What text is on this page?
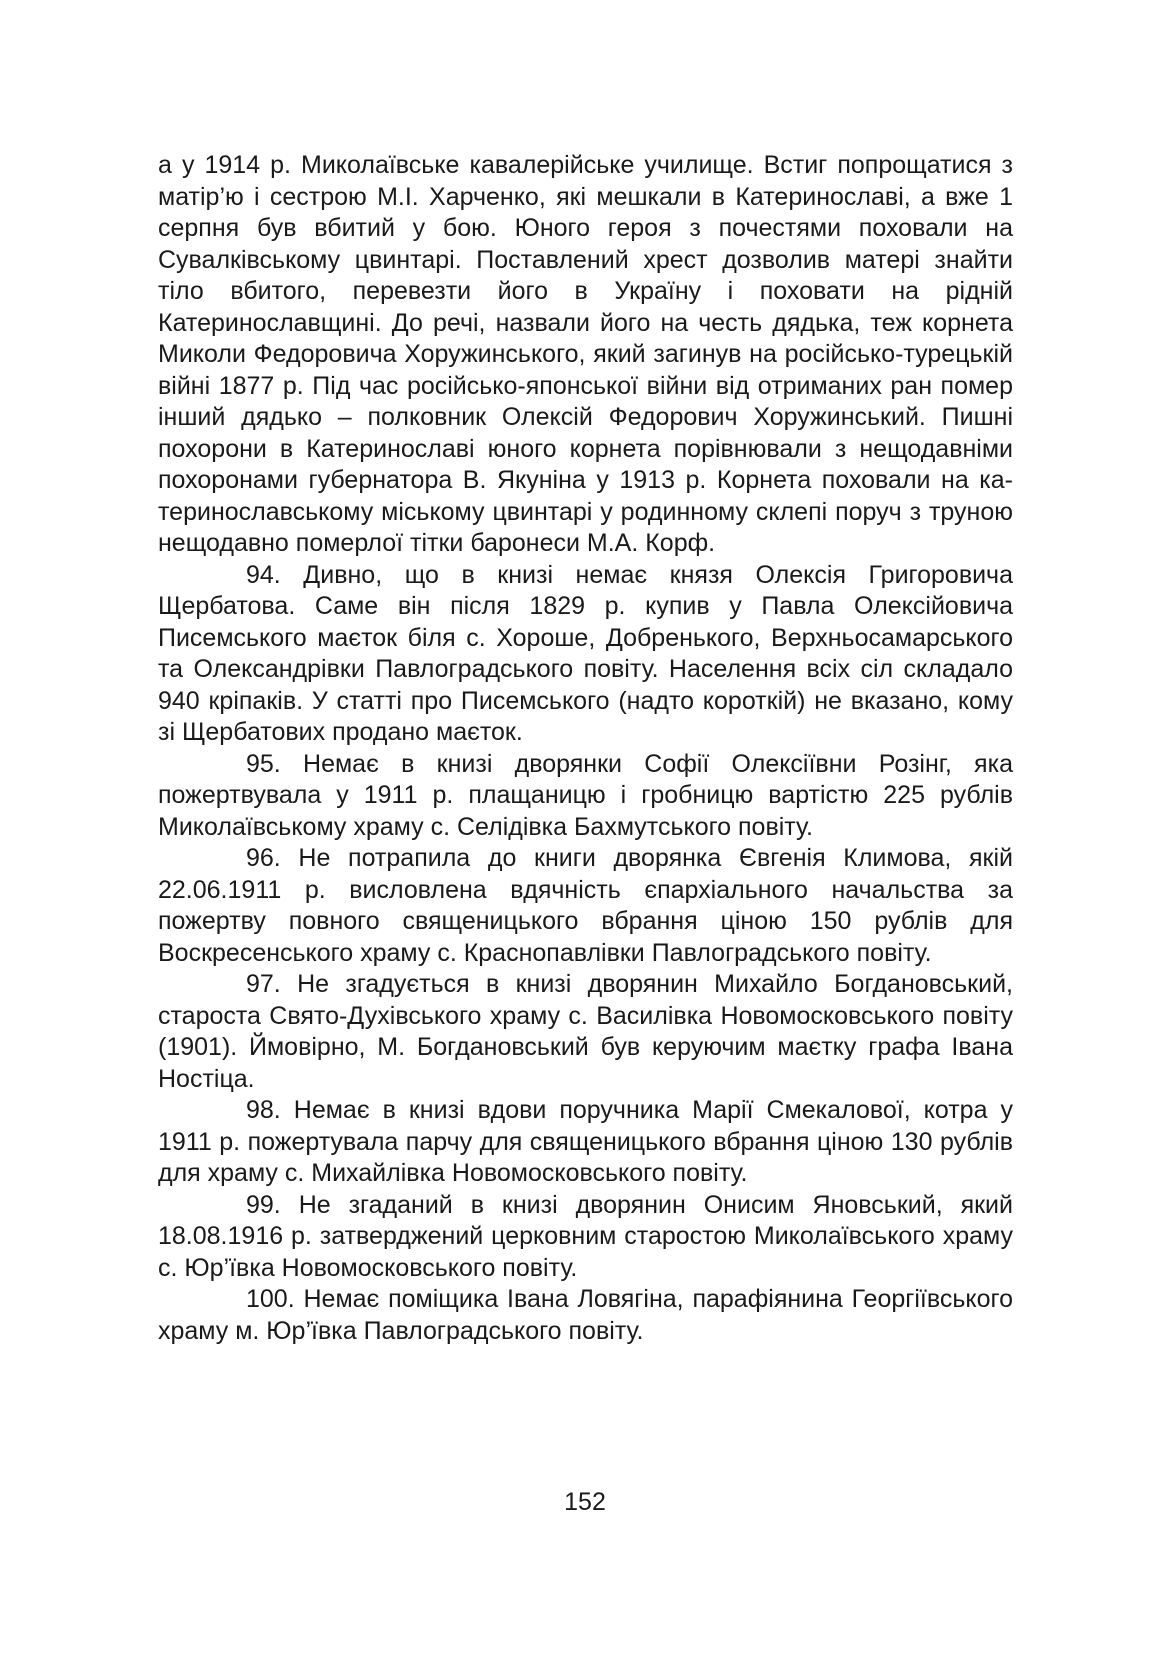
а у 1914 р. Миколаївське кавалерійське училище. Встиг попрощатися з матір’ю і сестрою М.І. Харченко, які мешкали в Катеринославі, а вже 1 серпня був вбитий у бою. Юного героя з почестями поховали на Сувалківському цвинтарі. Поставлений хрест дозволив матері знайти тіло вбитого, перевезти його в Україну і поховати на рідній Катеринославщині. До речі, назвали його на честь дядька, теж корнета Миколи Федоровича Хоружинського, який загинув на російсько-турецькій війні 1877 р. Під час російсько-японської війни від отриманих ран помер інший дядько – полковник Олексій Федорович Хоружинський. Пишні похорони в Катеринославі юного корнета порівнювали з нещодавніми похоронами губернатора В. Якуніна у 1913 р. Корнета поховали на катеринославському міському цвинтарі у родинному склепі поруч з труною нещодавно померлої тітки баронеси М.А. Корф.

94. Дивно, що в книзі немає князя Олексія Григоровича Щербатова. Саме він після 1829 р. купив у Павла Олексійовича Писемського маєток біля с. Хороше, Добренького, Верхньосамарського та Олександрівки Павлоградського повіту. Населення всіх сіл складало 940 кріпаків. У статті про Писемського (надто короткій) не вказано, кому зі Щербатових продано маєток.

95. Немає в книзі дворянки Софії Олексіївни Розінг, яка пожертвувала у 1911 р. плащаницю і гробницю вартістю 225 рублів Миколаївському храму с. Селідівка Бахмутського повіту.

96. Не потрапила до книги дворянка Євгенія Климова, якій 22.06.1911 р. висловлена вдячність єпархіального начальства за пожертву повного священицького вбрання ціною 150 рублів для Воскресенського храму с. Краснопавлівки Павлоградського повіту.

97. Не згадується в книзі дворянин Михайло Богдановський, староста Свято-Духівського храму с. Василівка Новомосковського повіту (1901). Ймовірно, М. Богдановський був керуючим маєтку графа Івана Ностіца.

98. Немає в книзі вдови поручника Марії Смекалової, котра у 1911 р. пожертувала парчу для священицького вбрання ціною 130 рублів для храму с. Михайлівка Новомосковського повіту.

99. Не згаданий в книзі дворянин Онисим Яновський, який 18.08.1916 р. затверджений церковним старостою Миколаївського храму с. Юр’ївка Новомосковського повіту.

100. Немає поміщика Івана Ловягіна, парафіянина Георгіївського храму м. Юр’ївка Павлоградського повіту.

152
